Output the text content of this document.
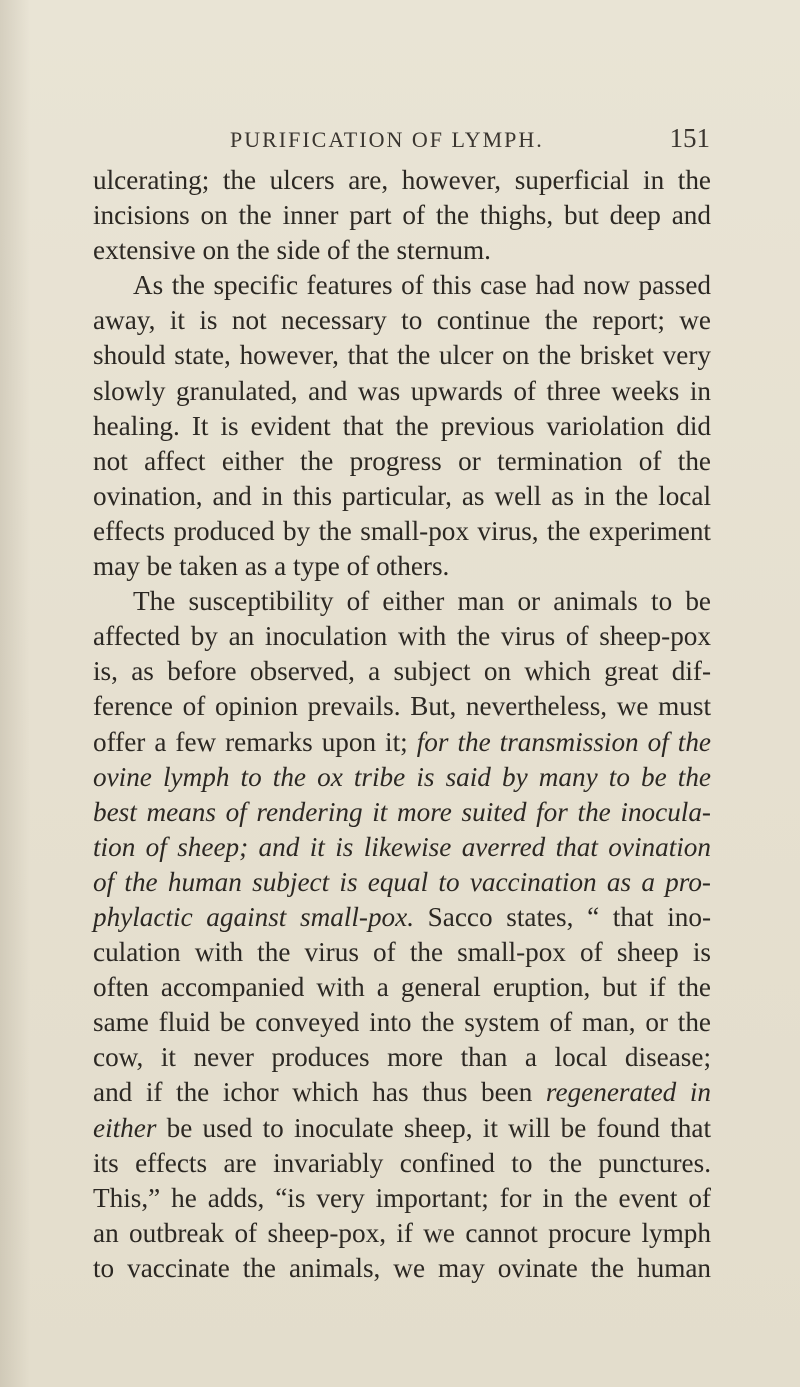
PURIFICATION OF LYMPH.	151
ulcerating; the ulcers are, however, superficial in the
incisions on the inner part of the thighs, but deep and
extensive on the side of the sternum.
As the specific features of this case had now passed
away, it is not necessary to continue the report; we
should state, however, that the ulcer on the brisket very
slowly granulated, and was upwards of three weeks in
healing. It is evident that the previous variolation did
not affect either the progress or termination of the
ovination, and in this particular, as well as in the local
effects produced by the small-pox virus, the experiment
may be taken as a type of others.
The susceptibility of either man or animals to be
affected by an inoculation with the virus of sheep-pox
is, as before observed, a subject on which great dif-
ference of opinion prevails. But, nevertheless, we must
offer a few remarks upon it; for the transmission of the
ovine lymph to the ox tribe is said by many to be the
best means of rendering it more suited for the inocula-
tion of sheep; and it is likewise averred that ovination
of the human subject is equal to vaccination as a pro-
phylactic against small-pox. Sacco states, “ that ino-
culation with the virus of the small-pox of sheep is
often accompanied with a general eruption, but if the
same fluid be conveyed into the system of man, or the
cow, it never produces more than a local disease;
and if the ichor which has thus been regenerated in
either be used to inoculate sheep, it will be found that
its effects are invariably confined to the punctures.
This,” he adds, “is very important; for in the event of
an outbreak of sheep-pox, if we cannot procure lymph
to vaccinate the animals, we may ovinate the human
